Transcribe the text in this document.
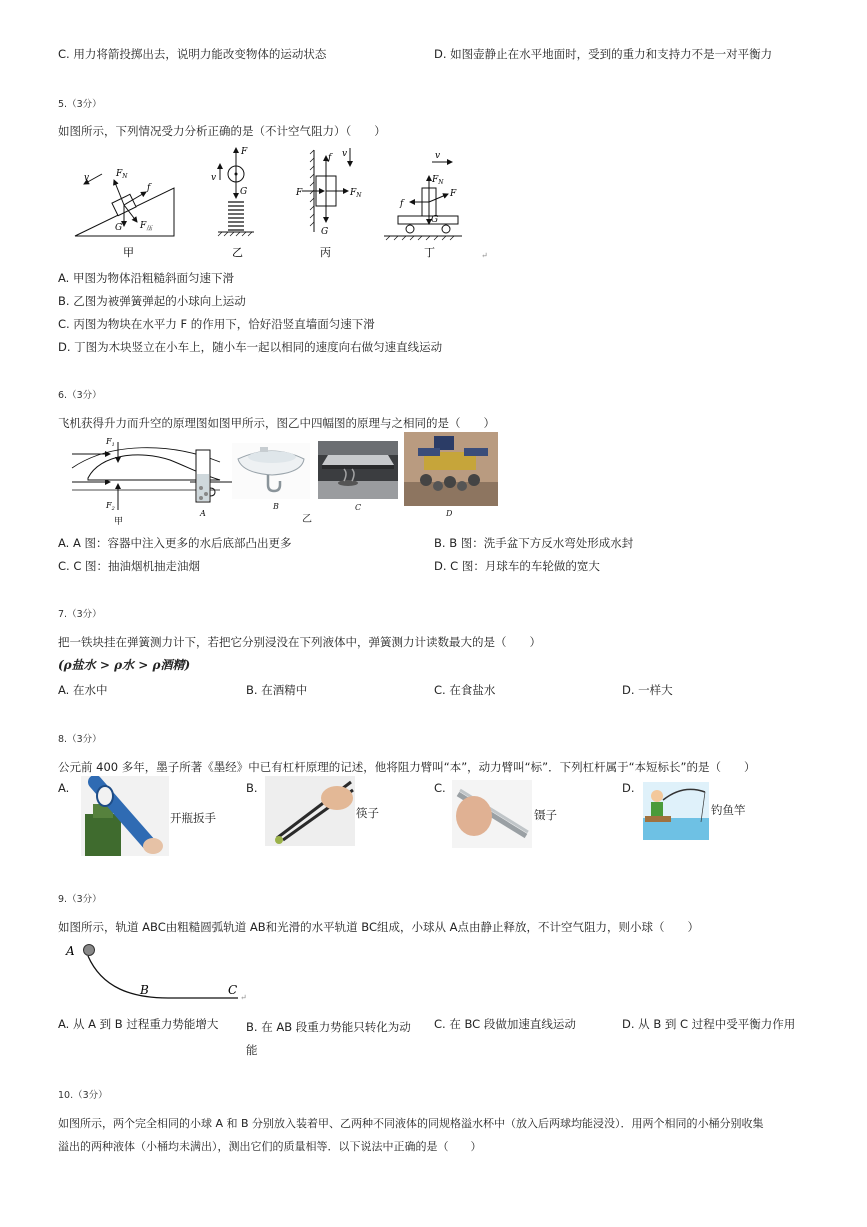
C. 用力将箭投掷出去，说明力能改变物体的运动状态	D. 如图壶静止在水平地面时，受到的重力和支持力不是一对平衡力
5.（3分）
如图所示，下列情况受力分析正确的是（不计空气阻力）（　　）
v	$F_N$
f
G $F_压$
甲
v
F
G
乙
v
f
F	$F_N$
G
丙
v
$F_N$
F
f
G
丁	↵
A. 甲图为物体沿粗糙斜面匀速下滑
B. 乙图为被弹簧弹起的小球向上运动
C. 丙图为物块在水平力 F 的作用下，恰好沿竖直墙面匀速下滑
D. 丁图为木块竖立在小车上，随小车一起以相同的速度向右做匀速直线运动
6.（3分）
飞机获得升力而升空的原理图如图甲所示，图乙中四幅图的原理与之相同的是（　　）
$F_1$
$F_2$
甲
A
B
乙
C
D
A. A 图：容器中注入更多的水后底部凸出更多	B. B 图：洗手盆下方反水弯处形成水封
C. C 图：抽油烟机抽走油烟	D. C 图：月球车的车轮做的宽大
7.（3分）
把一铁块挂在弹簧测力计下，若把它分别浸没在下列液体中，弹簧测力计读数最大的是（　　）
(ρ盐水 > ρ水 > ρ酒精)
A. 在水中	B. 在酒精中	C. 在食盐水	D. 一样大
8.（3分）
公元前 400 多年，墨子所著《墨经》中已有杠杆原理的记述，他将阻力臂叫“本”，动力臂叫“标”．下列杠杆属于“本短标长”的是（　　）
A.
开瓶扳手
B.
筷子
C.
镊子
D.
钓鱼竿
9.（3分）
如图所示，轨道 ABC由粗糙圆弧轨道 AB和光滑的水平轨道 BC组成，小球从 A点由静止释放，不计空气阻力，则小球（　　）
A
B	C
↵
A. 从 A 到 B 过程重力势能增大 B. 在 AB 段重力势能只转化为动能
C. 在 BC 段做加速直线运动	D. 从 B 到 C 过程中受平衡力作用
10.（3分）
如图所示，两个完全相同的小球 A 和 B 分别放入装着甲、乙两种不同液体的同规格溢水杯中（放入后两球均能浸没）．用两个相同的小桶分别收集
溢出的两种液体（小桶均未满出），测出它们的质量相等．以下说法中正确的是（　　）
